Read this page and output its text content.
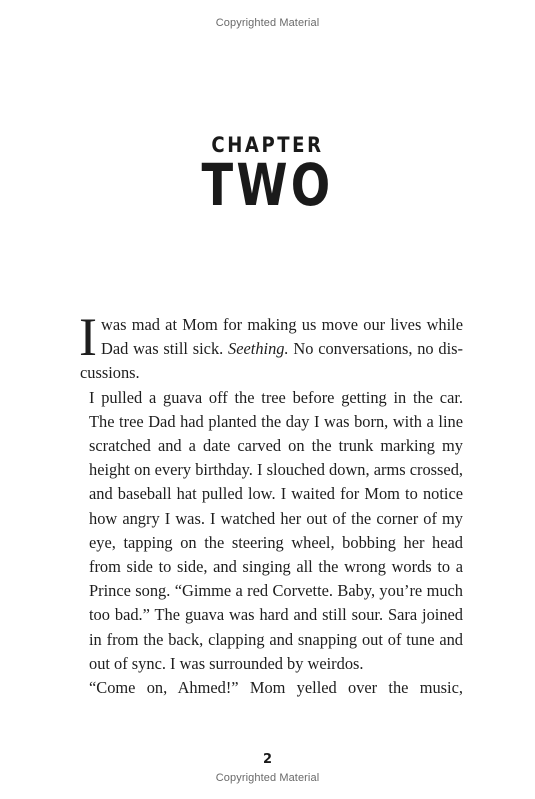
Copyrighted Material
CHAPTER
TWO

I was mad at Mom for making us move our lives while
Dad was still sick. Seething. No conversations, no dis-
cussions.

I pulled a guava off the tree before getting in the car.
The tree Dad had planted the day I was born, with a line
scratched and a date carved on the trunk marking my
height on every birthday. I slouched down, arms crossed,
and baseball hat pulled low. I waited for Mom to notice
how angry I was. I watched her out of the corner of my
eye, tapping on the steering wheel, bobbing her head
from side to side, and singing all the wrong words to a
Prince song. “Gimme a red Corvette. Baby, you’re much
too bad.” The guava was hard and still sour. Sara joined
in from the back, clapping and snapping out of tune and
out of sync. I was surrounded by weirdos.

“Come on, Ahmed!” Mom yelled over the music,

2
Copyrighted Material
